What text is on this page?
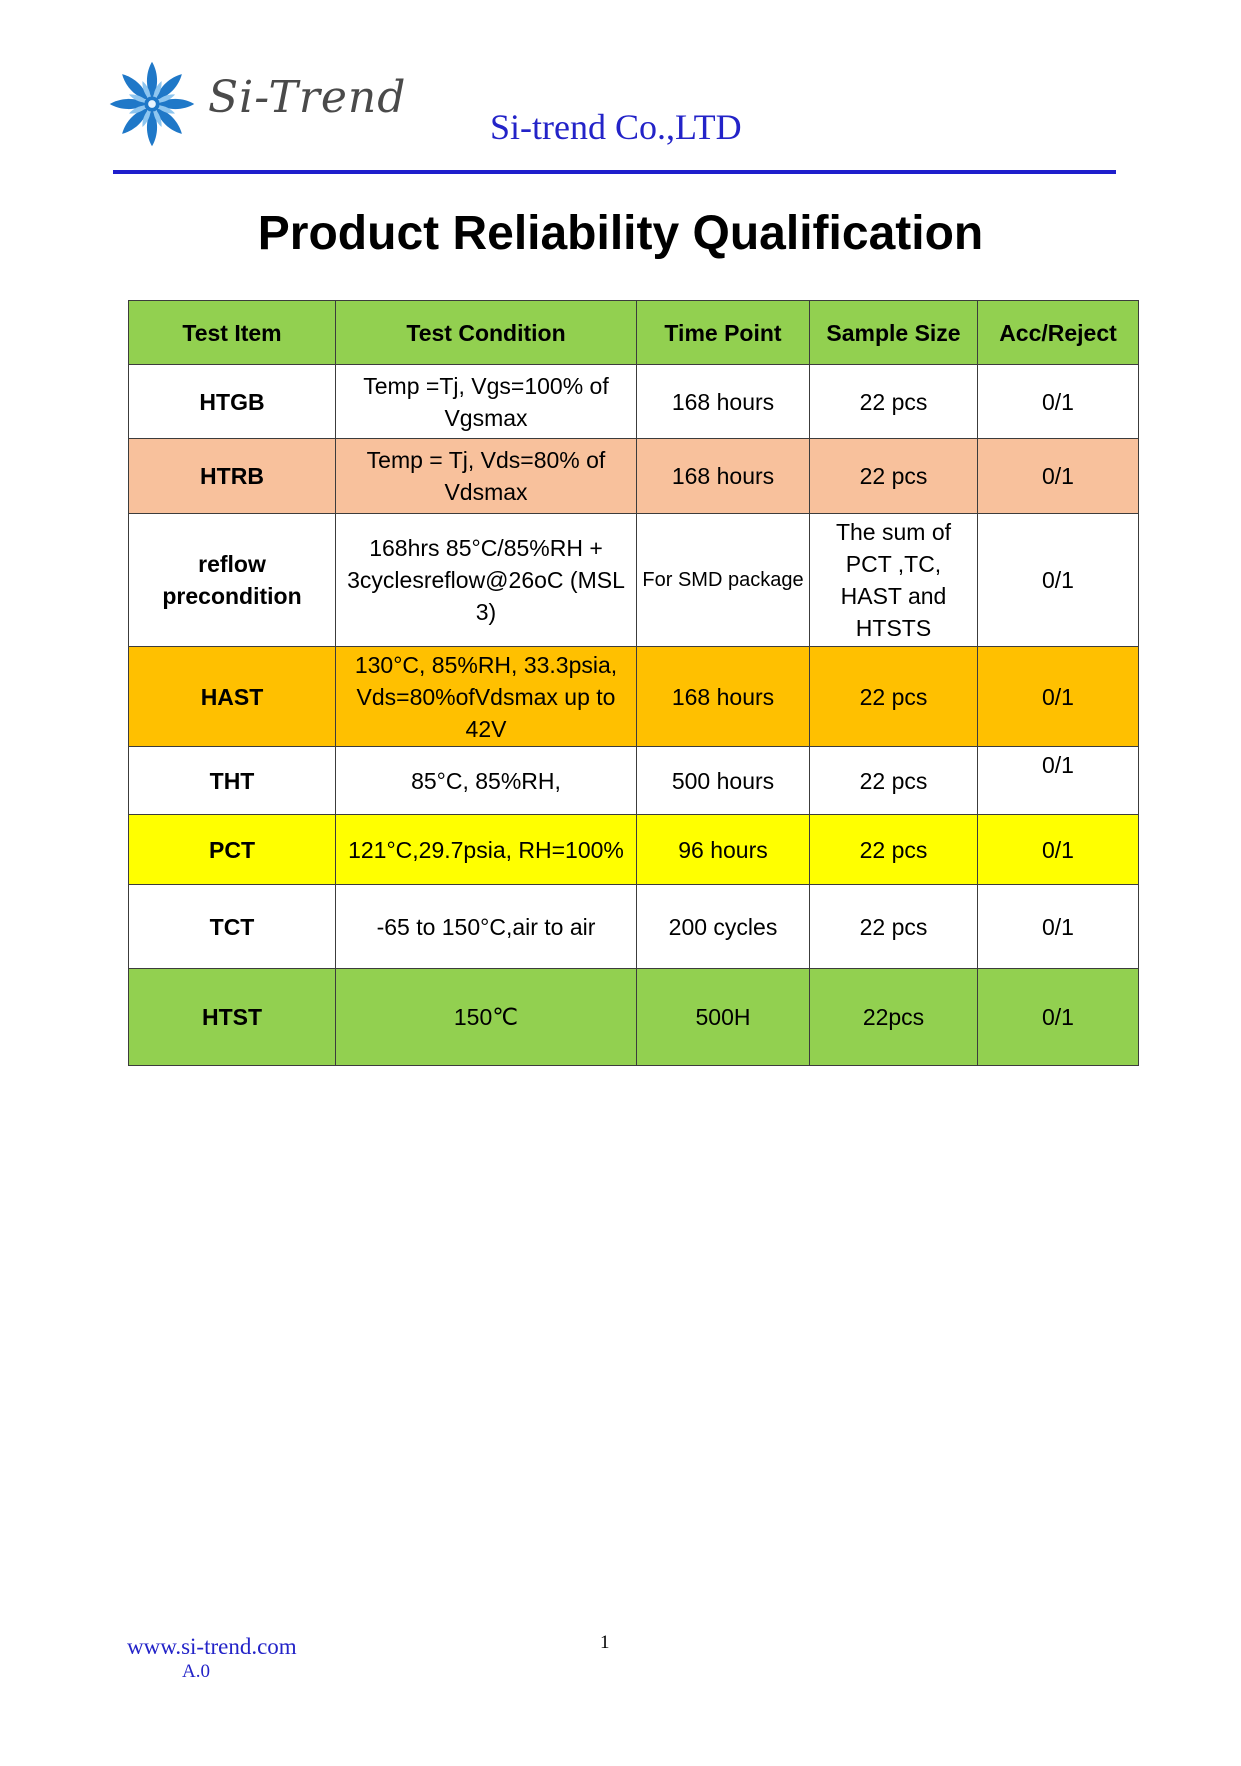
Si-Trend
Si-trend Co.,LTD
Product Reliability Qualification
Test Item	Test Condition	Time Point	Sample Size	Acc/Reject
HTGB	Temp =Tj, Vgs=100% of Vgsmax	168 hours	22 pcs	0/1
HTRB	Temp = Tj, Vds=80% of Vdsmax	168 hours	22 pcs	0/1
reflow precondition	168hrs 85°C/85%RH + 3cyclesreflow@26oC (MSL 3)	For SMD package	The sum of PCT ,TC, HAST and HTSTS	0/1
HAST	130°C, 85%RH, 33.3psia, Vds=80%ofVdsmax up to 42V	168 hours	22 pcs	0/1
THT	85°C, 85%RH,	500 hours	22 pcs	0/1
PCT	121°C,29.7psia, RH=100%	96 hours	22 pcs	0/1
TCT	-65 to 150°C,air to air	200 cycles	22 pcs	0/1
HTST	150℃	500H	22pcs	0/1
www.si-trend.com
A.0
1
